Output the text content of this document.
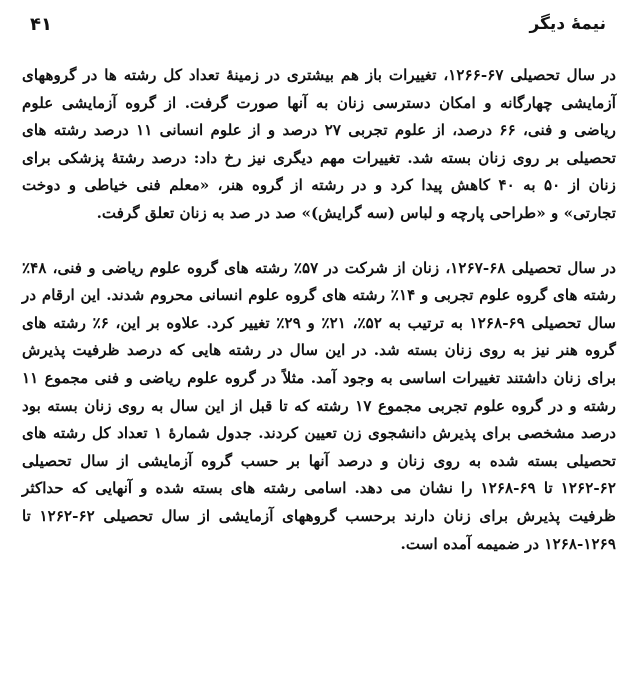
نیمهٔ دیگر
۴۱

در سال تحصیلی ۶۷-۱۲۶۶، تغییرات باز هم بیشتری در زمینهٔ تعداد کل رشته ها در گروههای آزمایشی چهارگانه و امکان دسترسی زنان به آنها صورت گرفت. از گروه آزمایشی علوم ریاضی و فنی، ۶۶ درصد، از علوم تجربی ۲۷ درصد و از علوم انسانی ۱۱ درصد رشته های تحصیلی بر روی زنان بسته شد. تغییرات مهم دیگری نیز رخ داد: درصد رشتهٔ پزشکی برای زنان از ۵۰ به ۴۰ کاهش پیدا کرد و در رشته از گروه هنر، «معلم فنی خیاطی و دوخت تجارتی» و «طراحی پارچه و لباس (سه گرایش)» صد در صد به زنان تعلق گرفت.

در سال تحصیلی ۶۸-۱۲۶۷، زنان از شرکت در ۵۷٪ رشته های گروه علوم ریاضی و فنی، ۴۸٪ رشته های گروه علوم تجربی و ۱۴٪ رشته های گروه علوم انسانی محروم شدند. این ارقام در سال تحصیلی ۶۹-۱۲۶۸ به ترتیب به ۵۲٪، ۲۱٪ و ۲۹٪ تغییر کرد. علاوه بر این، ۶٪ رشته های گروه هنر نیز به روی زنان بسته شد. در این سال در رشته هایی که درصد ظرفیت پذیرش برای زنان داشتند تغییرات اساسی به وجود آمد. مثلاً در گروه علوم ریاضی و فنی مجموع ۱۱ رشته و در گروه علوم تجربی مجموع ۱۷ رشته که تا قبل از این سال به روی زنان بسته بود درصد مشخصی برای پذیرش دانشجوی زن تعیین کردند. جدول شمارهٔ ۱ تعداد کل رشته های تحصیلی بسته شده به روی زنان و درصد آنها بر حسب گروه آزمایشی از سال تحصیلی ۶۲-۱۲۶۲ تا ۶۹-۱۲۶۸ را نشان می دهد. اسامی رشته های بسته شده و آنهایی که حداکثر ظرفیت پذیرش برای زنان دارند برحسب گروههای آزمایشی از سال تحصیلی ۶۲-۱۲۶۲ تا ۱۲۶۹-۱۲۶۸ در ضمیمه آمده است.
